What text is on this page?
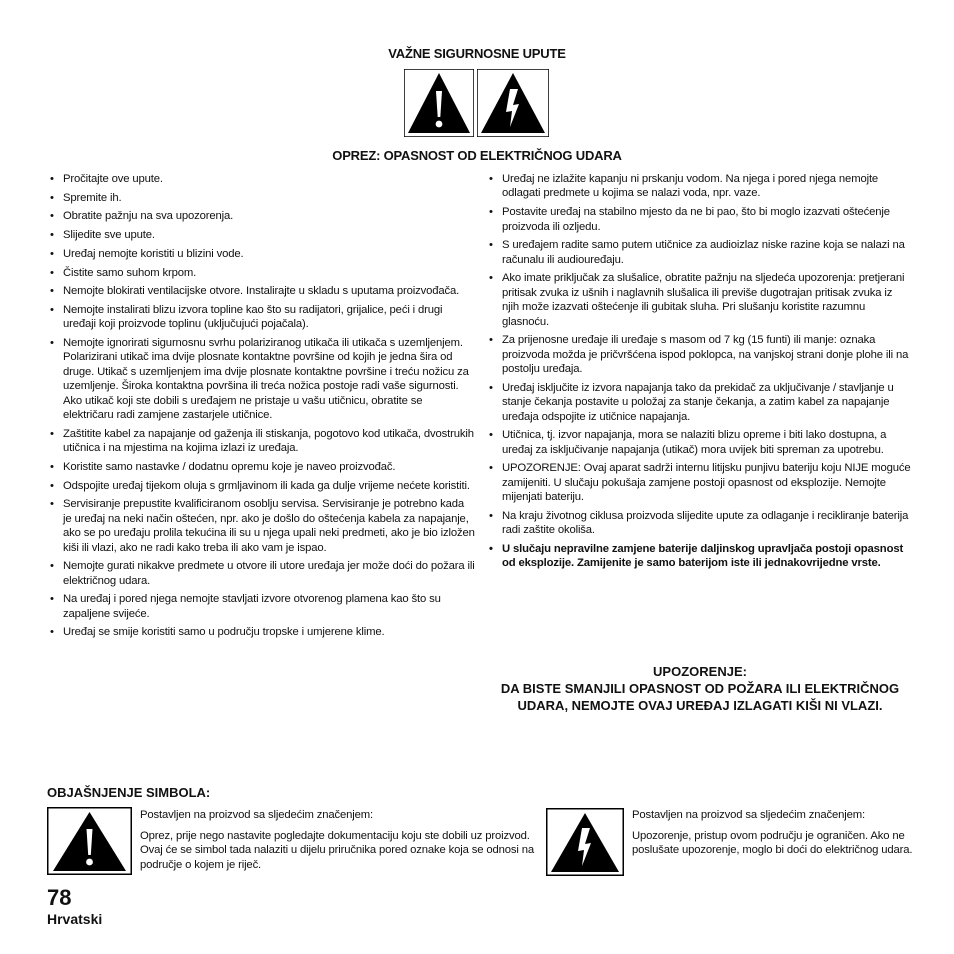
VAŽNE SIGURNOSNE UPUTE
OPREZ: OPASNOST OD ELEKTRIČNOG UDARA
• Pročitajte ove upute.
• Spremite ih.
• Obratite pažnju na sva upozorenja.
• Slijedite sve upute.
• Uređaj nemojte koristiti u blizini vode.
• Čistite samo suhom krpom.
• Nemojte blokirati ventilacijske otvore. Instalirajte u skladu s uputama proizvođača.
• Nemojte instalirati blizu izvora topline kao što su radijatori, grijalice, peći i drugi uređaji koji proizvode toplinu (uključujući pojačala).
• Nemojte ignorirati sigurnosnu svrhu polariziranog utikača ili utikača s uzemljenjem. Polarizirani utikač ima dvije plosnate kontaktne površine od kojih je jedna šira od druge. Utikač s uzemljenjem ima dvije plosnate kontaktne površine i treću nožicu za uzemljenje. Široka kontaktna površina ili treća nožica postoje radi vaše sigurnosti. Ako utikač koji ste dobili s uređajem ne pristaje u vašu utičnicu, obratite se električaru radi zamjene zastarjele utičnice.
• Zaštitite kabel za napajanje od gaženja ili stiskanja, pogotovo kod utikača, dvostrukih utičnica i na mjestima na kojima izlazi iz uređaja.
• Koristite samo nastavke / dodatnu opremu koje je naveo proizvođač.
• Odspojite uređaj tijekom oluja s grmljavinom ili kada ga dulje vrijeme nećete koristiti.
• Servisiranje prepustite kvalificiranom osoblju servisa. Servisiranje je potrebno kada je uređaj na neki način oštećen, npr. ako je došlo do oštećenja kabela za napajanje, ako se po uređaju prolila tekućina ili su u njega upali neki predmeti, ako je bio izložen kiši ili vlazi, ako ne radi kako treba ili ako vam je ispao.
• Nemojte gurati nikakve predmete u otvore ili utore uređaja jer može doći do požara ili električnog udara.
• Na uređaj i pored njega nemojte stavljati izvore otvorenog plamena kao što su zapaljene svijeće.
• Uređaj se smije koristiti samo u području tropske i umjerene klime.
• Uređaj ne izlažite kapanju ni prskanju vodom. Na njega i pored njega nemojte odlagati predmete u kojima se nalazi voda, npr. vaze.
• Postavite uređaj na stabilno mjesto da ne bi pao, što bi moglo izazvati oštećenje proizvoda ili ozljedu.
• S uređajem radite samo putem utičnice za audioizlaz niske razine koja se nalazi na računalu ili audiouređaju.
• Ako imate priključak za slušalice, obratite pažnju na sljedeća upozorenja: pretjerani pritisak zvuka iz ušnih i naglavnih slušalica ili previše dugotrajan pritisak zvuka iz njih može izazvati oštećenje ili gubitak sluha. Pri slušanju koristite razumnu glasnoću.
• Za prijenosne uređaje ili uređaje s masom od 7 kg (15 funti) ili manje: oznaka proizvoda možda je pričvršćena ispod poklopca, na vanjskoj strani donje plohe ili na postolju uređaja.
• Uređaj isključite iz izvora napajanja tako da prekidač za uključivanje / stavljanje u stanje čekanja postavite u položaj za stanje čekanja, a zatim kabel za napajanje uređaja odspojite iz utičnice napajanja.
• Utičnica, tj. izvor napajanja, mora se nalaziti blizu opreme i biti lako dostupna, a uređaj za isključivanje napajanja (utikač) mora uvijek biti spreman za upotrebu.
• UPOZORENJE: Ovaj aparat sadrži internu litijsku punjivu bateriju koju NIJE moguće zamijeniti. U slučaju pokušaja zamjene postoji opasnost od eksplozije. Nemojte mijenjati bateriju.
• Na kraju životnog ciklusa proizvoda slijedite upute za odlaganje i recikliranje baterija radi zaštite okoliša.
• U slučaju nepravilne zamjene baterije daljinskog upravljača postoji opasnost od eksplozije. Zamijenite je samo baterijom iste ili jednakovrijedne vrste.
UPOZORENJE:
DA BISTE SMANJILI OPASNOST OD POŽARA ILI ELEKTRIČNOG UDARA, NEMOJTE OVAJ UREĐAJ IZLAGATI KIŠI NI VLAZI.
OBJAŠNJENJE SIMBOLA:

Postavljen na proizvod sa sljedećim značenjem:

Oprez, prije nego nastavite pogledajte dokumentaciju koju ste dobili uz proizvod. Ovaj će se simbol tada nalaziti u dijelu priručnika pored oznake koja se odnosi na područje o kojem je riječ.

Postavljen na proizvod sa sljedećim značenjem:

Upozorenje, pristup ovom području je ograničen. Ako ne poslušate upozorenje, moglo bi doći do električnog udara.

78
Hrvatski
